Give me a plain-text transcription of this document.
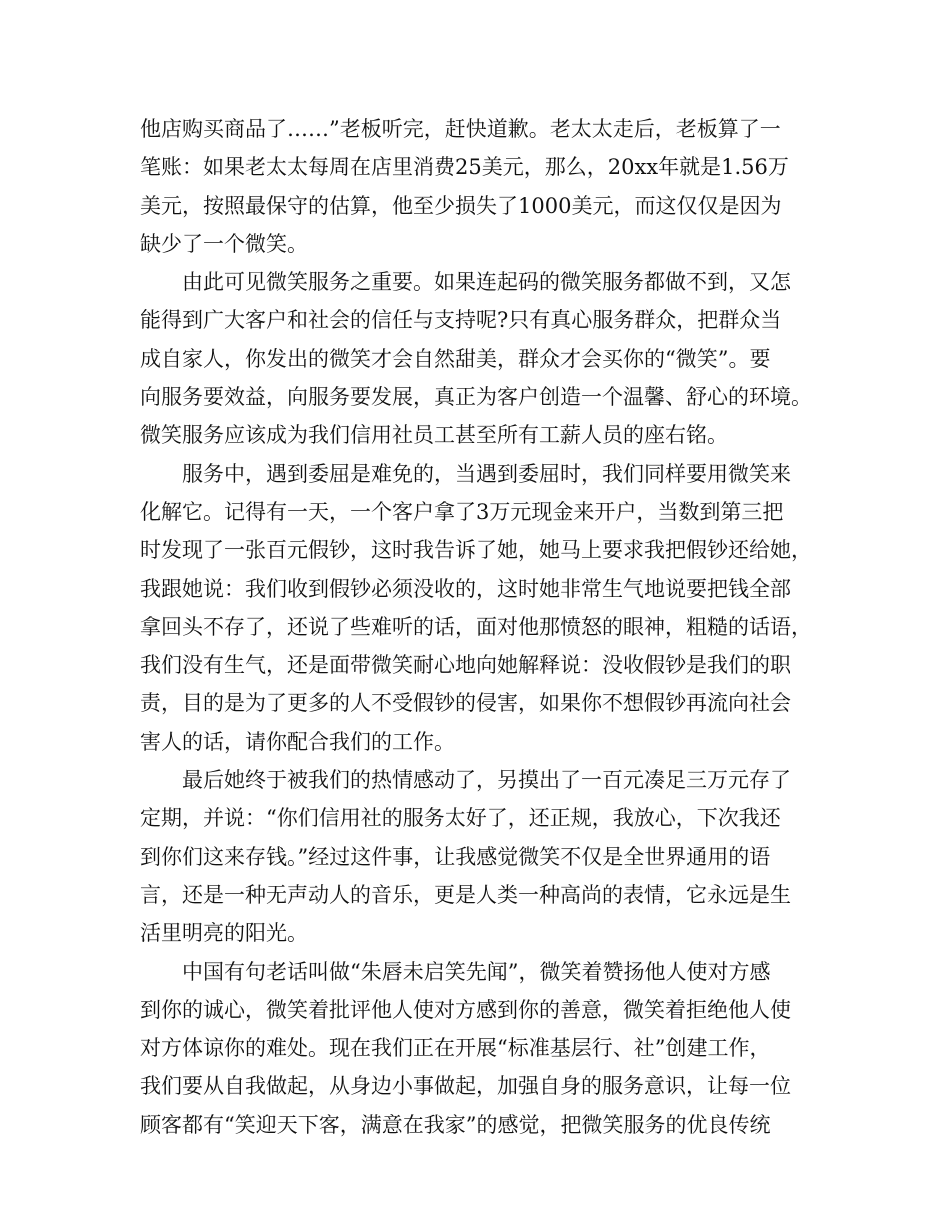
他店购买商品了……”老板听完，赶快道歉。老太太走后，老板算了一
笔账：如果老太太每周在店里消费25美元，那么，20xx年就是1.56万
美元，按照最保守的估算，他至少损失了1000美元，而这仅仅是因为
缺少了一个微笑。
由此可见微笑服务之重要。如果连起码的微笑服务都做不到，又怎
能得到广大客户和社会的信任与支持呢?只有真心服务群众，把群众当
成自家人，你发出的微笑才会自然甜美，群众才会买你的“微笑”。要
向服务要效益，向服务要发展，真正为客户创造一个温馨、舒心的环境。
微笑服务应该成为我们信用社员工甚至所有工薪人员的座右铭。
服务中，遇到委屈是难免的，当遇到委屈时，我们同样要用微笑来
化解它。记得有一天，一个客户拿了3万元现金来开户，当数到第三把
时发现了一张百元假钞，这时我告诉了她，她马上要求我把假钞还给她，
我跟她说：我们收到假钞必须没收的，这时她非常生气地说要把钱全部
拿回头不存了，还说了些难听的话，面对他那愤怒的眼神，粗糙的话语，
我们没有生气，还是面带微笑耐心地向她解释说：没收假钞是我们的职
责，目的是为了更多的人不受假钞的侵害，如果你不想假钞再流向社会
害人的话，请你配合我们的工作。
最后她终于被我们的热情感动了，另摸出了一百元凑足三万元存了
定期，并说：“你们信用社的服务太好了，还正规，我放心，下次我还
到你们这来存钱。”经过这件事，让我感觉微笑不仅是全世界通用的语
言，还是一种无声动人的音乐，更是人类一种高尚的表情，它永远是生
活里明亮的阳光。
中国有句老话叫做“朱唇未启笑先闻”，微笑着赞扬他人使对方感
到你的诚心，微笑着批评他人使对方感到你的善意，微笑着拒绝他人使
对方体谅你的难处。现在我们正在开展“标准基层行、社”创建工作，
我们要从自我做起，从身边小事做起，加强自身的服务意识，让每一位
顾客都有“笑迎天下客，满意在我家”的感觉，把微笑服务的优良传统
